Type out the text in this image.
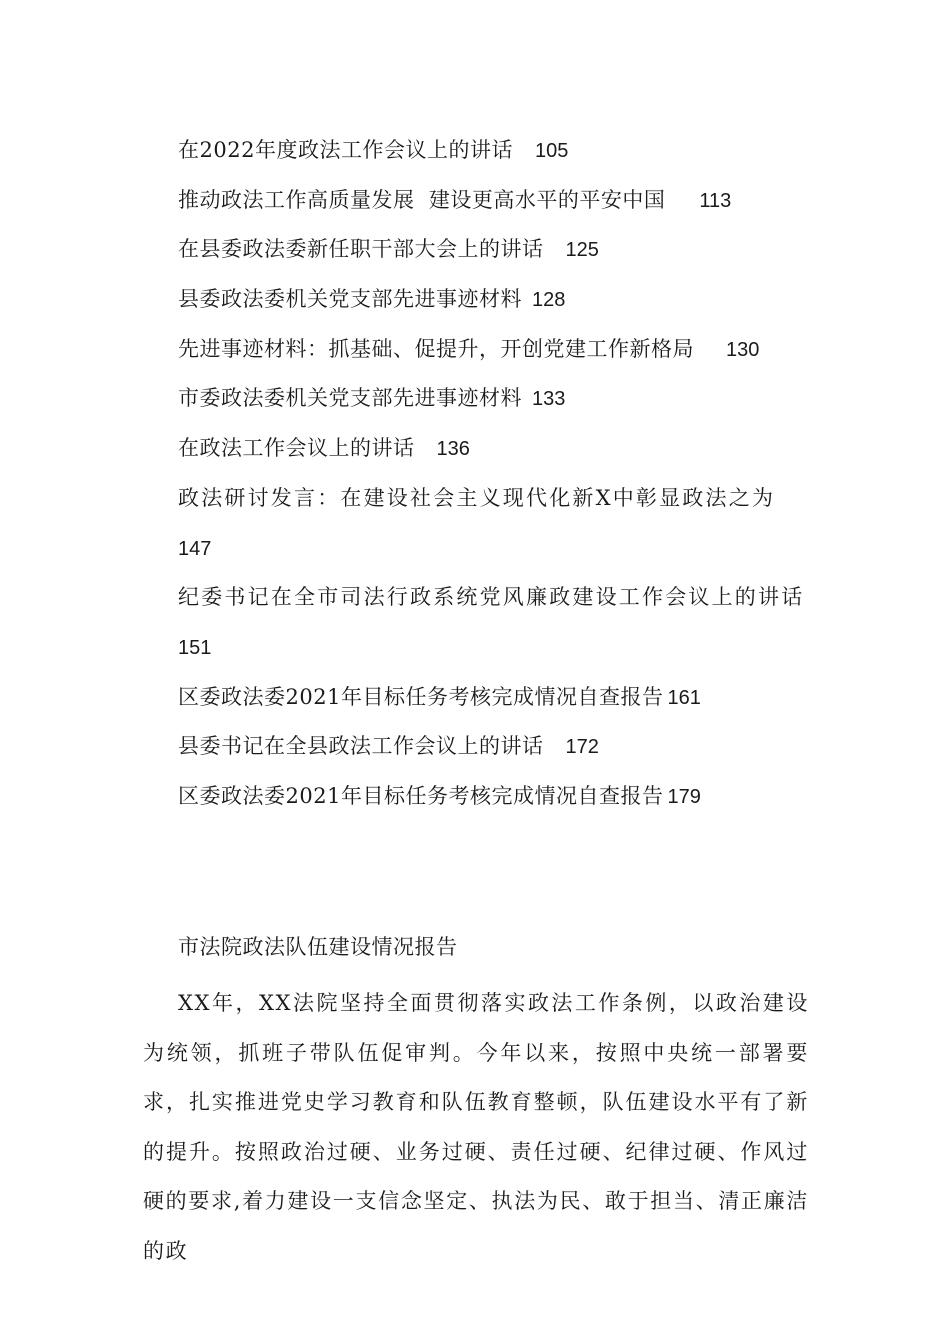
在2022年度政法工作会议上的讲话 105
推动政法工作高质量发展  建设更高水平的平安中国 113
在县委政法委新任职干部大会上的讲话 125
县委政法委机关党支部先进事迹材料 128
先进事迹材料：抓基础、促提升，开创党建工作新格局 130
市委政法委机关党支部先进事迹材料 133
在政法工作会议上的讲话 136
政法研讨发言：在建设社会主义现代化新X中彰显政法之为
147
纪委书记在全市司法行政系统党风廉政建设工作会议上的讲话
151
区委政法委2021年目标任务考核完成情况自查报告 161
县委书记在全县政法工作会议上的讲话 172
区委政法委2021年目标任务考核完成情况自查报告 179
市法院政法队伍建设情况报告
XX年，XX法院坚持全面贯彻落实政法工作条例，以政治建设为统领，抓班子带队伍促审判。今年以来，按照中央统一部署要求，扎实推进党史学习教育和队伍教育整顿，队伍建设水平有了新的提升。按照政治过硬、业务过硬、责任过硬、纪律过硬、作风过硬的要求,着力建设一支信念坚定、执法为民、敢于担当、清正廉洁的政
